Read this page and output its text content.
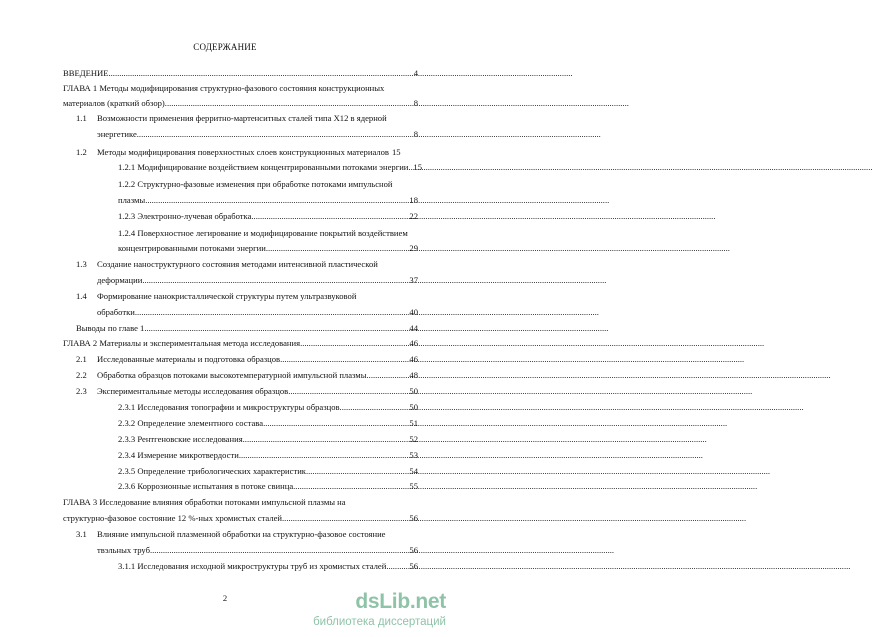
СОДЕРЖАНИЕ
ВВЕДЕНИЕ .....	4
ГЛАВА 1 Методы модифицирования структурно-фазового состояния конструкционных
материалов (краткий обзор) .....	8
1.1 Возможности применения ферритно-мартенситных сталей типа Х12 в ядерной
энергетике .....	8
1.2 Методы модифицирования поверхностных слоев конструкционных материалов 15
1.2.1 Модифицирование воздействием концентрированными потоками энергии ..... 15
1.2.2 Структурно-фазовые изменения при обработке потоками импульсной
плазмы .....	18
1.2.3 Электронно-лучевая обработка .....	22
1.2.4 Поверхностное легирование и модифицирование покрытий воздействием
концентрированными потоками энергии .....	29
1.3 Создание наноструктурного состояния методами интенсивной пластической
деформации .....	37
1.4 Формирование нанокристаллической структуры путем ультразвуковой
обработки .....	40
Выводы по главе 1 .....	44
ГЛАВА 2 Материалы и экспериментальная метода исследования .....	46
2.1 Исследованные материалы и подготовка образцов .....	46
2.2 Обработка образцов потоками высокотемпературной импульсной плазмы .....	48
2.3 Экспериментальные методы исследования образцов .....	50
2.3.1 Исследования топографии и микроструктуры образцов .....	50
2.3.2 Определение элементного состава .....	51
2.3.3 Рентгеновские исследования .....	52
2.3.4 Измерение микротвердости .....	53
2.3.5 Определение трибологических характеристик .....	54
2.3.6 Коррозионные испытания в потоке свинца .....	55
ГЛАВА 3 Исследование влияния обработки потоками импульсной плазмы на
структурно-фазовое состояние 12 %-ных хромистых сталей .....	56
3.1 Влияние импульсной плазменной обработки на структурно-фазовое состояние
твэльных труб .....	56
3.1.1 Исследования исходной микроструктуры труб из хромистых сталей .....	56
2	dsLib.net
библиотека диссертаций
